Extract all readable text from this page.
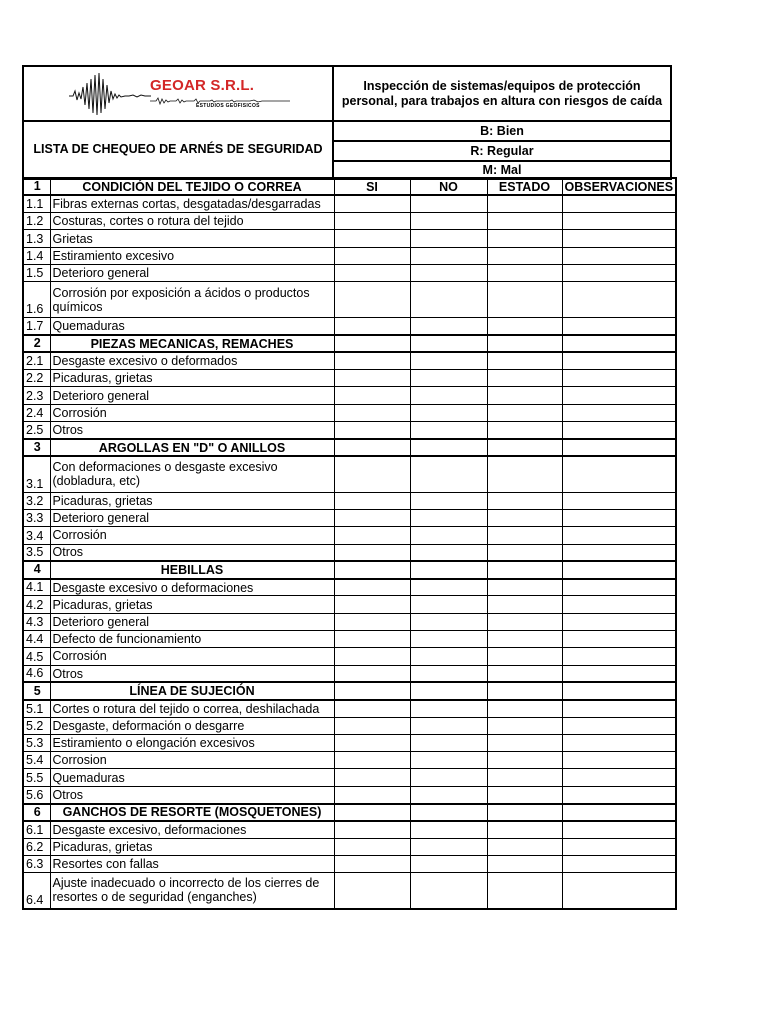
GEOAR S.R.L.
ESTUDIOS GEOFISICOS
Inspección de sistemas/equipos de protección personal, para trabajos en altura con riesgos de caída
LISTA DE CHEQUEO DE ARNÉS DE SEGURIDAD
B: Bien
R: Regular
M: Mal
1	CONDICIÓN DEL TEJIDO O CORREA	SI	NO	ESTADO	OBSERVACIONES
1.1	Fibras externas cortas, desgatadas/desgarradas				
1.2	Costuras, cortes o rotura del tejido				
1.3	Grietas				
1.4	Estiramiento excesivo				
1.5	Deterioro general				
1.6	Corrosión por exposición a ácidos o productos químicos				
1.7	Quemaduras				
2	PIEZAS MECANICAS, REMACHES				
2.1	Desgaste excesivo o deformados				
2.2	Picaduras, grietas				
2.3	Deterioro general				
2.4	Corrosión				
2.5	Otros				
3	ARGOLLAS EN "D" O ANILLOS				
3.1	Con deformaciones o desgaste excesivo (dobladura, etc)				
3.2	Picaduras, grietas				
3.3	Deterioro general				
3.4	Corrosión				
3.5	Otros				
4	HEBILLAS				
4.1	Desgaste excesivo o deformaciones				
4.2	Picaduras, grietas				
4.3	Deterioro general				
4.4	Defecto de funcionamiento				
4.5	Corrosión				
4.6	Otros				
5	LÍNEA DE SUJECIÓN				
5.1	Cortes o rotura del tejido o correa, deshilachada				
5.2	Desgaste, deformación o desgarre				
5.3	Estiramiento o elongación excesivos				
5.4	Corrosion				
5.5	Quemaduras				
5.6	Otros				
6	GANCHOS DE RESORTE (MOSQUETONES)				
6.1	Desgaste excesivo, deformaciones				
6.2	Picaduras, grietas				
6.3	Resortes con fallas				
6.4	Ajuste inadecuado o incorrecto de los cierres de resortes o de seguridad (enganches)				
